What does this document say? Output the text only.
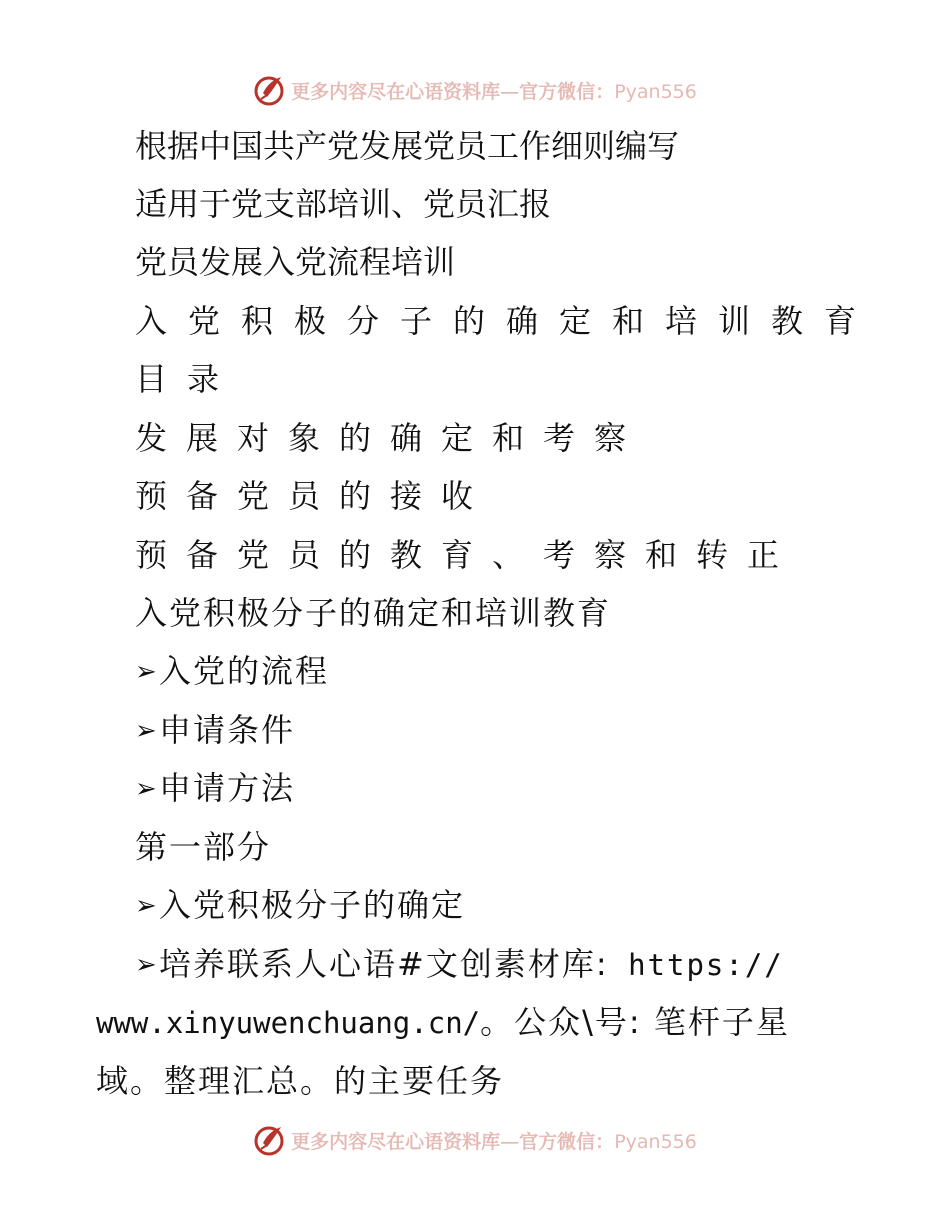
更多内容尽在心语资料库—官方微信：Pyan556
根据中国共产党发展党员工作细则编写
适用于党支部培训、党员汇报
党员发展入党流程培训
入党积极分子的确定和培训教育
目录
发展对象的确定和考察
预备党员的接收
预备党员的教育、考察和转正
入党积极分子的确定和培训教育
➢入党的流程
➢申请条件
➢申请方法
第一部分
➢入党积极分子的确定
➢培养联系人心语#文创素材库: https://
www.xinyuwenchuang.cn/。公众\号: 笔杆子星
域。整理汇总。的主要任务
更多内容尽在心语资料库—官方微信：Pyan556
